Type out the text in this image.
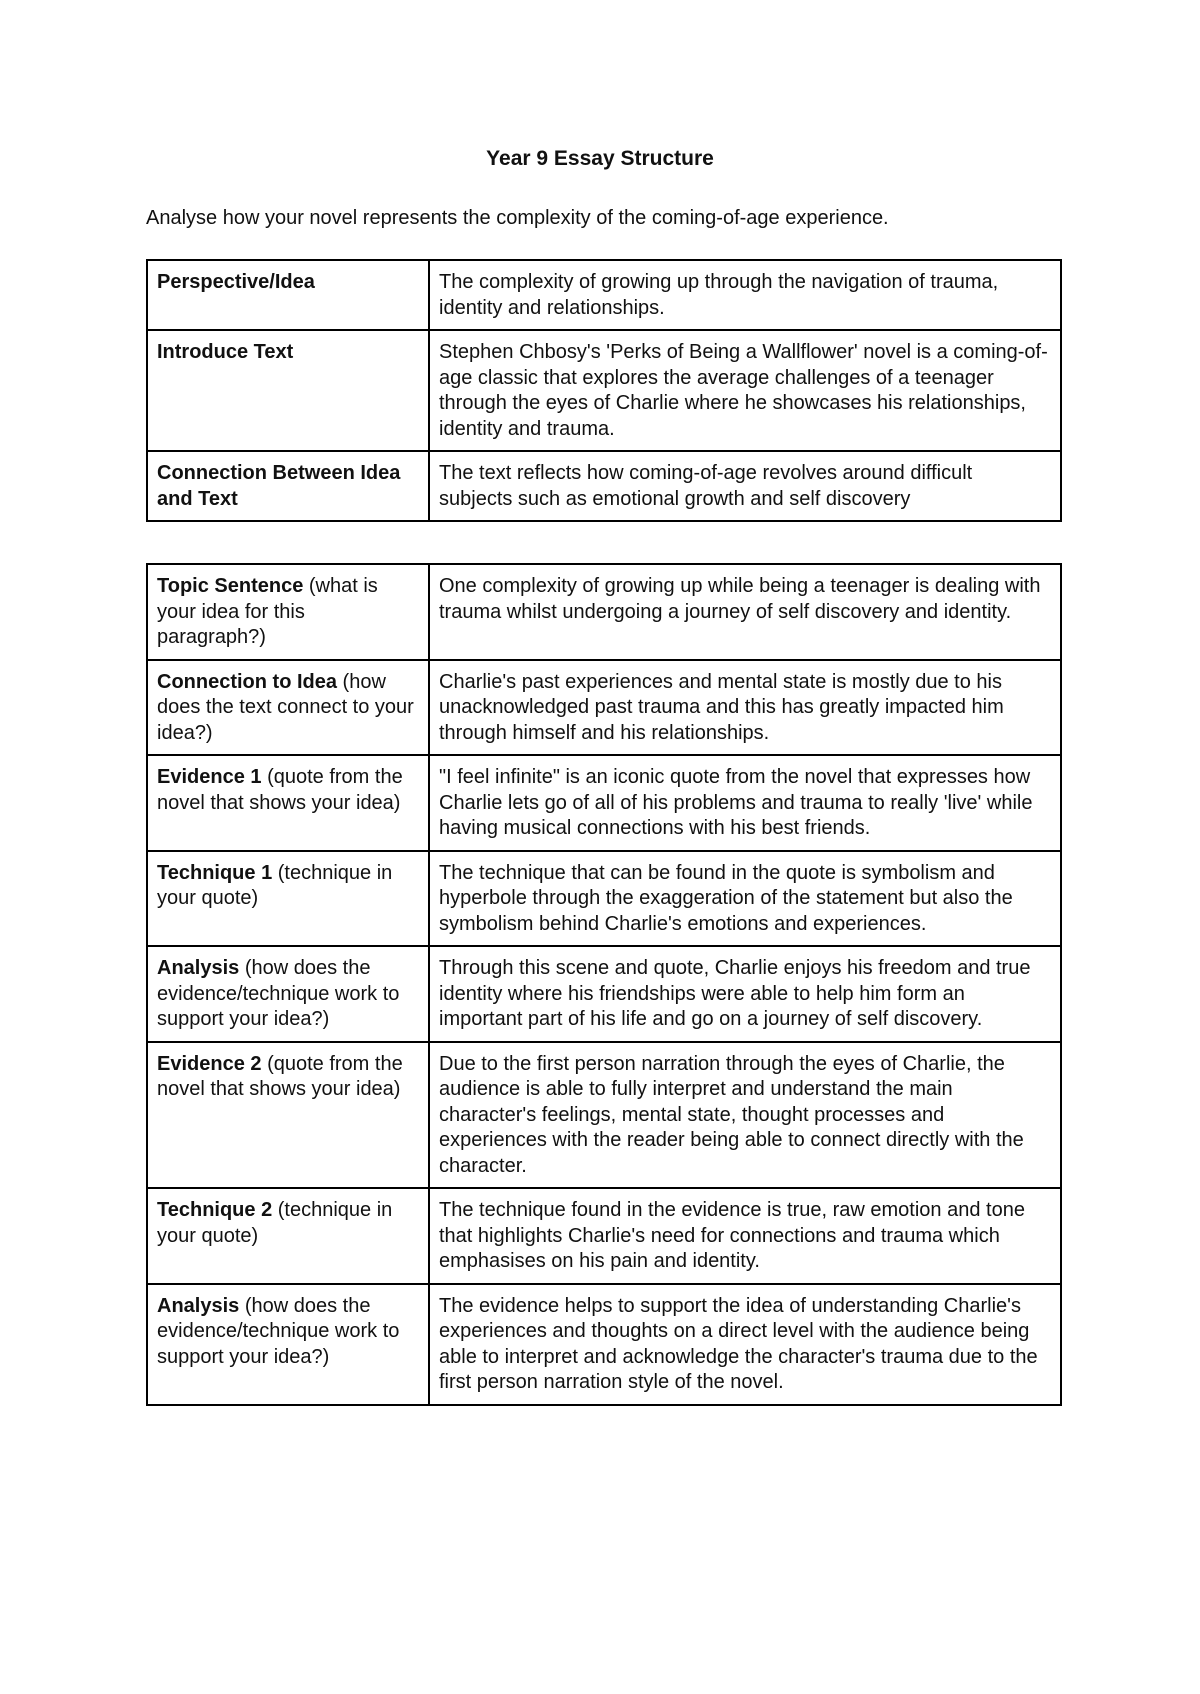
Year 9 Essay Structure
Analyse how your novel represents the complexity of the coming-of-age experience.
Perspective/Idea	The complexity of growing up through the navigation of trauma, identity and relationships.
Introduce Text	Stephen Chbosy's 'Perks of Being a Wallflower' novel is a coming-of-age classic that explores the average challenges of a teenager through the eyes of Charlie where he showcases his relationships, identity and trauma.
Connection Between Idea and Text	The text reflects how coming-of-age revolves around difficult subjects such as emotional growth and self discovery
Topic Sentence (what is your idea for this paragraph?)	One complexity of growing up while being a teenager is dealing with trauma whilst undergoing a journey of self discovery and identity.
Connection to Idea (how does the text connect to your idea?)	Charlie's past experiences and mental state is mostly due to his unacknowledged past trauma and this has greatly impacted him through himself and his relationships.
Evidence 1 (quote from the novel that shows your idea)	"I feel infinite" is an iconic quote from the novel that expresses how Charlie lets go of all of his problems and trauma to really 'live' while having musical connections with his best friends.
Technique 1 (technique in your quote)	The technique that can be found in the quote is symbolism and hyperbole through the exaggeration of the statement but also the symbolism behind Charlie's emotions and experiences.
Analysis (how does the evidence/technique work to support your idea?)	Through this scene and quote, Charlie enjoys his freedom and true identity where his friendships were able to help him form an important part of his life and go on a journey of self discovery.
Evidence 2 (quote from the novel that shows your idea)	Due to the first person narration through the eyes of Charlie, the audience is able to fully interpret and understand the main character's feelings, mental state, thought processes and experiences with the reader being able to connect directly with the character.
Technique 2 (technique in your quote)	The technique found in the evidence is true, raw emotion and tone that highlights Charlie's need for connections and trauma which emphasises on his pain and identity.
Analysis (how does the evidence/technique work to support your idea?)	The evidence helps to support the idea of understanding Charlie's experiences and thoughts on a direct level with the audience being able to interpret and acknowledge the character's trauma due to the first person narration style of the novel.
